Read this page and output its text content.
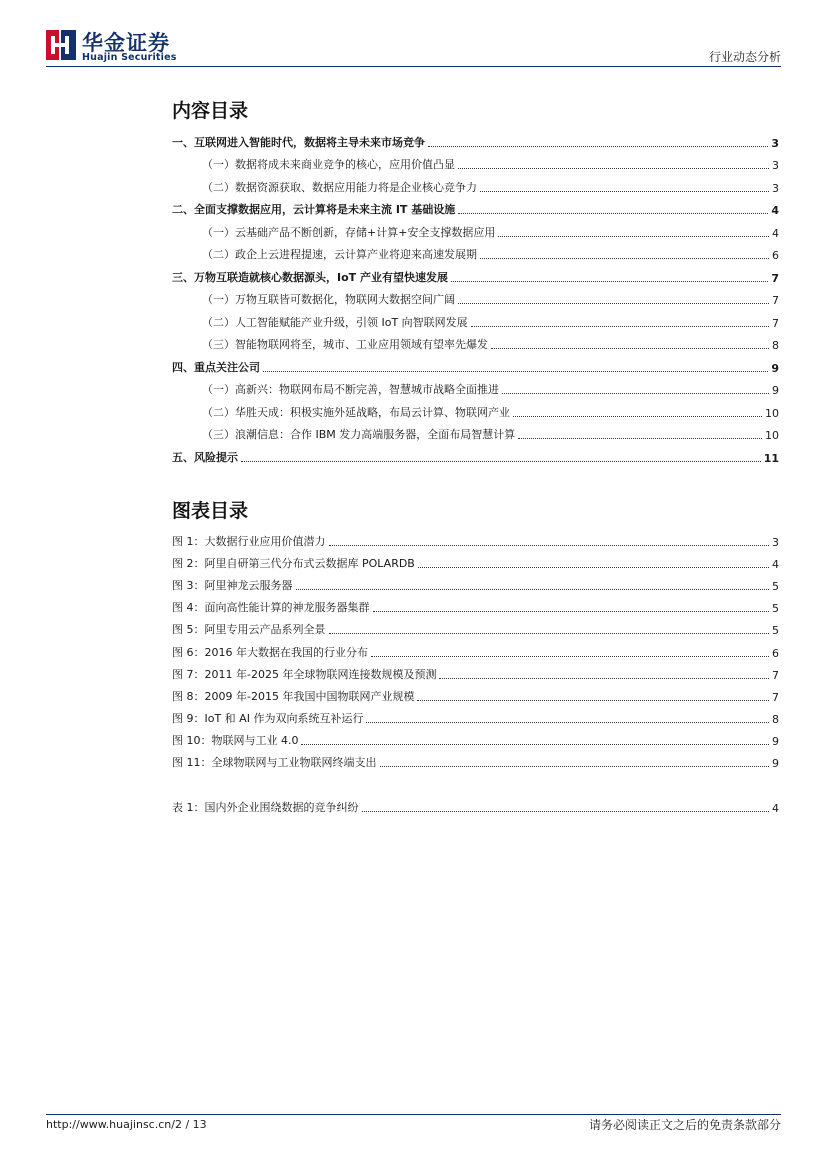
华金证券
Huajin Securities	行业动态分析
内容目录
一、互联网进入智能时代，数据将主导未来市场竞争	3
（一）数据将成未来商业竞争的核心，应用价值凸显	3
（二）数据资源获取、数据应用能力将是企业核心竞争力	3
二、全面支撑数据应用，云计算将是未来主流 IT 基础设施	4
（一）云基础产品不断创新，存储+计算+安全支撑数据应用	4
（二）政企上云进程提速，云计算产业将迎来高速发展期	6
三、万物互联造就核心数据源头，IoT 产业有望快速发展	7
（一）万物互联皆可数据化，物联网大数据空间广阔	7
（二）人工智能赋能产业升级，引领 IoT 向智联网发展	7
（三）智能物联网将至，城市、工业应用领域有望率先爆发	8
四、重点关注公司	9
（一）高新兴：物联网布局不断完善，智慧城市战略全面推进	9
（二）华胜天成：积极实施外延战略，布局云计算、物联网产业	10
（三）浪潮信息：合作 IBM 发力高端服务器，全面布局智慧计算	10
五、风险提示	11
图表目录
图 1：大数据行业应用价值潜力	3
图 2：阿里自研第三代分布式云数据库 POLARDB	4
图 3：阿里神龙云服务器	5
图 4：面向高性能计算的神龙服务器集群	5
图 5：阿里专用云产品系列全景	5
图 6：2016 年大数据在我国的行业分布	6
图 7：2011 年-2025 年全球物联网连接数规模及预测	7
图 8：2009 年-2015 年我国中国物联网产业规模	7
图 9：IoT 和 AI 作为双向系统互补运行	8
图 10：物联网与工业 4.0	9
图 11：全球物联网与工业物联网终端支出	9
表 1：国内外企业围绕数据的竞争纠纷	4
http://www.huajinsc.cn/2 / 13	请务必阅读正文之后的免责条款部分
